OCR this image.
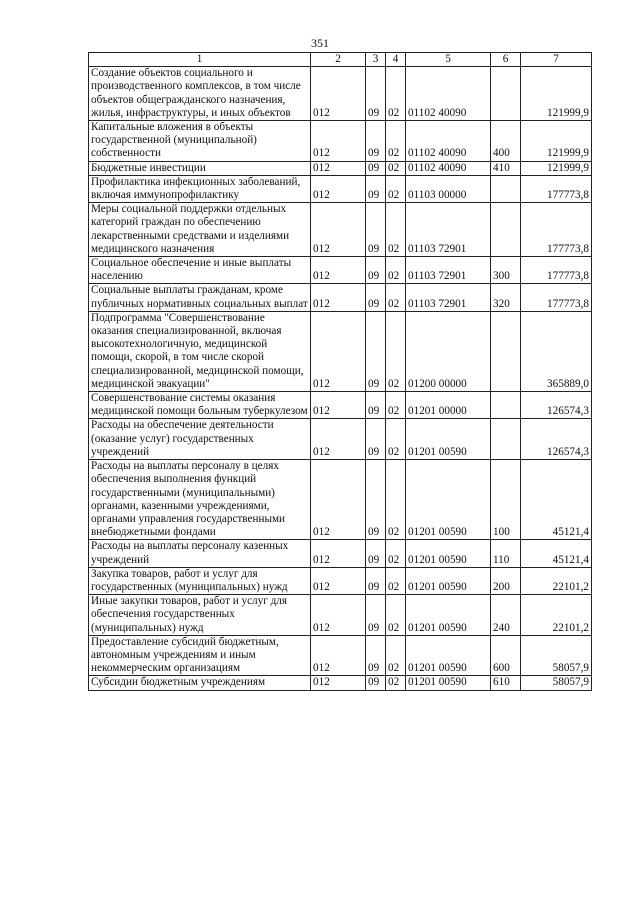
351
1	2	3	4	5	6	7
Создание объектов социального и производственного комплексов, в том числе объектов общегражданского назначения, жилья, инфраструктуры, и иных объектов	012	09	02	01102 40090		121999,9
Капитальные вложения в объекты государственной (муниципальной) собственности	012	09	02	01102 40090	400	121999,9
Бюджетные инвестиции	012	09	02	01102 40090	410	121999,9
Профилактика инфекционных заболеваний, включая иммунопрофилактику	012	09	02	01103 00000		177773,8
Меры социальной поддержки отдельных категорий граждан по обеспечению лекарственными средствами и изделиями медицинского назначения	012	09	02	01103 72901		177773,8
Социальное обеспечение и иные выплаты населению	012	09	02	01103 72901	300	177773,8
Социальные выплаты гражданам, кроме публичных нормативных социальных выплат	012	09	02	01103 72901	320	177773,8
Подпрограмма "Совершенствование оказания специализированной, включая высокотехнологичную, медицинской помощи, скорой, в том числе скорой специализированной, медицинской помощи, медицинской эвакуации"	012	09	02	01200 00000		365889,0
Совершенствование системы оказания медицинской помощи больным туберкулезом	012	09	02	01201 00000		126574,3
Расходы на обеспечение деятельности (оказание услуг) государственных учреждений	012	09	02	01201 00590		126574,3
Расходы на выплаты персоналу в целях обеспечения выполнения функций государственными (муниципальными) органами, казенными учреждениями, органами управления государственными внебюджетными фондами	012	09	02	01201 00590	100	45121,4
Расходы на выплаты персоналу казенных учреждений	012	09	02	01201 00590	110	45121,4
Закупка товаров, работ и услуг для государственных (муниципальных) нужд	012	09	02	01201 00590	200	22101,2
Иные закупки товаров, работ и услуг для обеспечения государственных (муниципальных) нужд	012	09	02	01201 00590	240	22101,2
Предоставление субсидий бюджетным, автономным учреждениям и иным некоммерческим организациям	012	09	02	01201 00590	600	58057,9
Субсидии бюджетным учреждениям	012	09	02	01201 00590	610	58057,9
